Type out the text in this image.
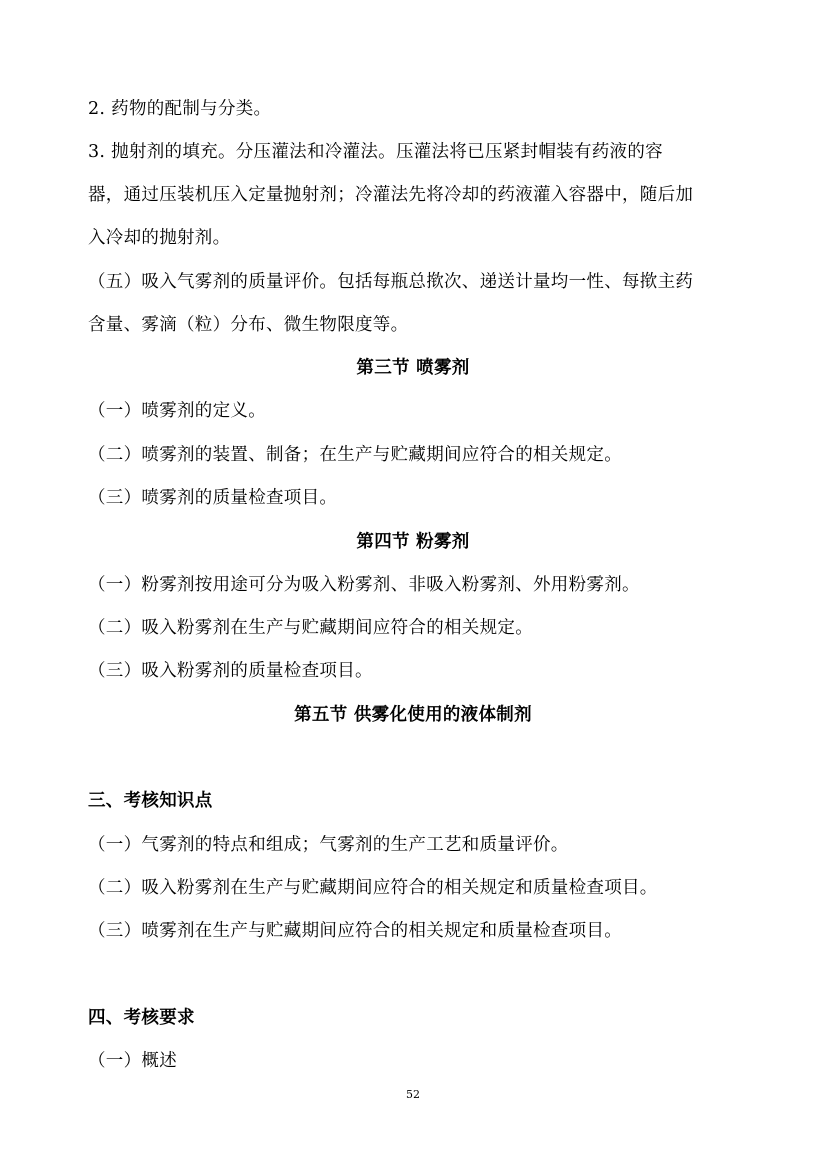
2. 药物的配制与分类。
3. 抛射剂的填充。分压灌法和冷灌法。压灌法将已压紧封帽装有药液的容
器，通过压装机压入定量抛射剂；冷灌法先将冷却的药液灌入容器中，随后加
入冷却的抛射剂。
（五）吸入气雾剂的质量评价。包括每瓶总揿次、递送计量均一性、每揿主药
含量、雾滴（粒）分布、微生物限度等。
第三节 喷雾剂
（一）喷雾剂的定义。
（二）喷雾剂的装置、制备；在生产与贮藏期间应符合的相关规定。
（三）喷雾剂的质量检查项目。
第四节 粉雾剂
（一）粉雾剂按用途可分为吸入粉雾剂、非吸入粉雾剂、外用粉雾剂。
（二）吸入粉雾剂在生产与贮藏期间应符合的相关规定。
（三）吸入粉雾剂的质量检查项目。
第五节 供雾化使用的液体制剂
三、考核知识点
（一）气雾剂的特点和组成；气雾剂的生产工艺和质量评价。
（二）吸入粉雾剂在生产与贮藏期间应符合的相关规定和质量检查项目。
（三）喷雾剂在生产与贮藏期间应符合的相关规定和质量检查项目。
四、考核要求
（一）概述
52
